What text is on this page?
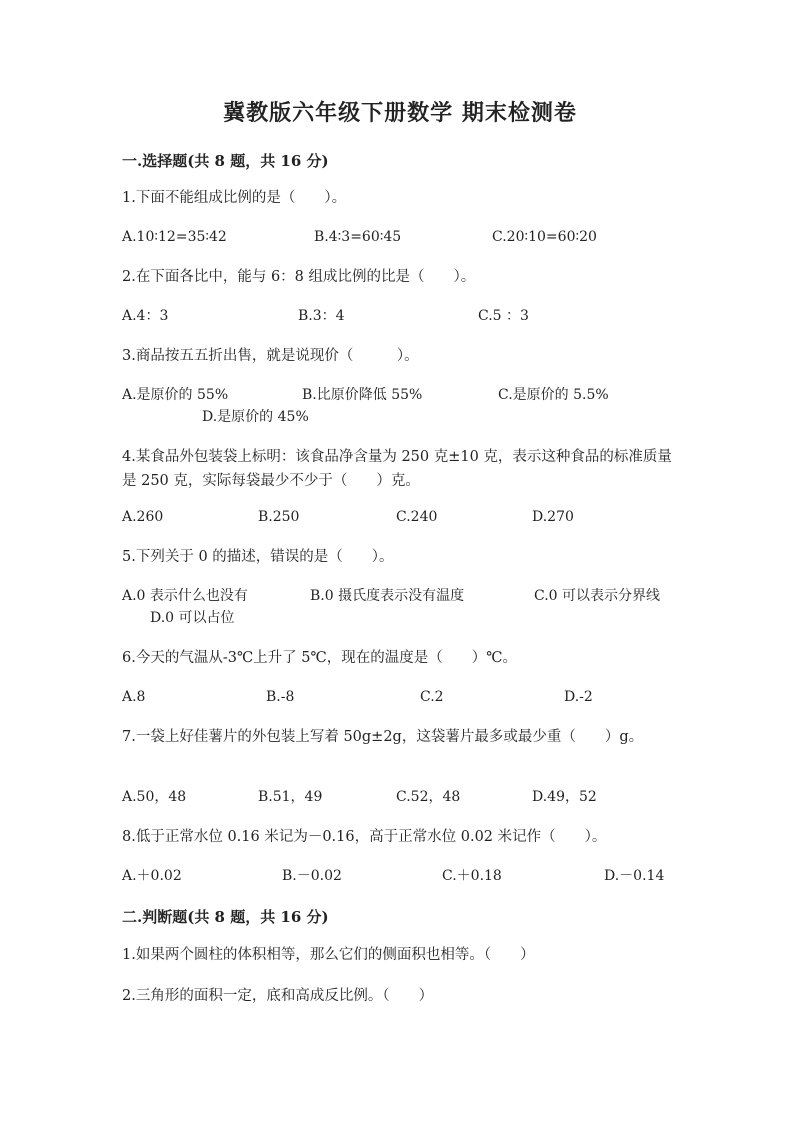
冀教版六年级下册数学 期末检测卷
一.选择题(共 8 题，共 16 分)
1.下面不能组成比例的是（　　）。
A.10∶12=35∶42	B.4∶3=60∶45	C.20∶10=60∶20
2.在下面各比中，能与 6：8 组成比例的比是（　　）。
A.4：3	B.3：4	C.5 ：3
3.商品按五五折出售，就是说现价（　　　）。
A.是原价的 55%	B.比原价降低 55%	C.是原价的 5.5%
D.是原价的 45%
4.某食品外包装袋上标明：该食品净含量为 250 克±10 克，表示这种食品的标准质量是 250 克，实际每袋最少不少于（　　）克。
A.260	B.250	C.240	D.270
5.下列关于 0 的描述，错误的是（　　）。
A.0 表示什么也没有	B.0 摄氏度表示没有温度	C.0 可以表示分界线
D.0 可以占位
6.今天的气温从-3℃上升了 5℃，现在的温度是（　　）℃。
A.8	B.-8	C.2	D.-2
7.一袋上好佳薯片的外包装上写着 50g±2g，这袋薯片最多或最少重（　　）g。
A.50，48	B.51，49	C.52，48	D.49，52
8.低于正常水位 0.16 米记为－0.16，高于正常水位 0.02 米记作（　　）。
A.＋0.02	B.－0.02	C.＋0.18	D.－0.14
二.判断题(共 8 题，共 16 分)
1.如果两个圆柱的体积相等，那么它们的侧面积也相等。（　　）
2.三角形的面积一定，底和高成反比例。（　　）
